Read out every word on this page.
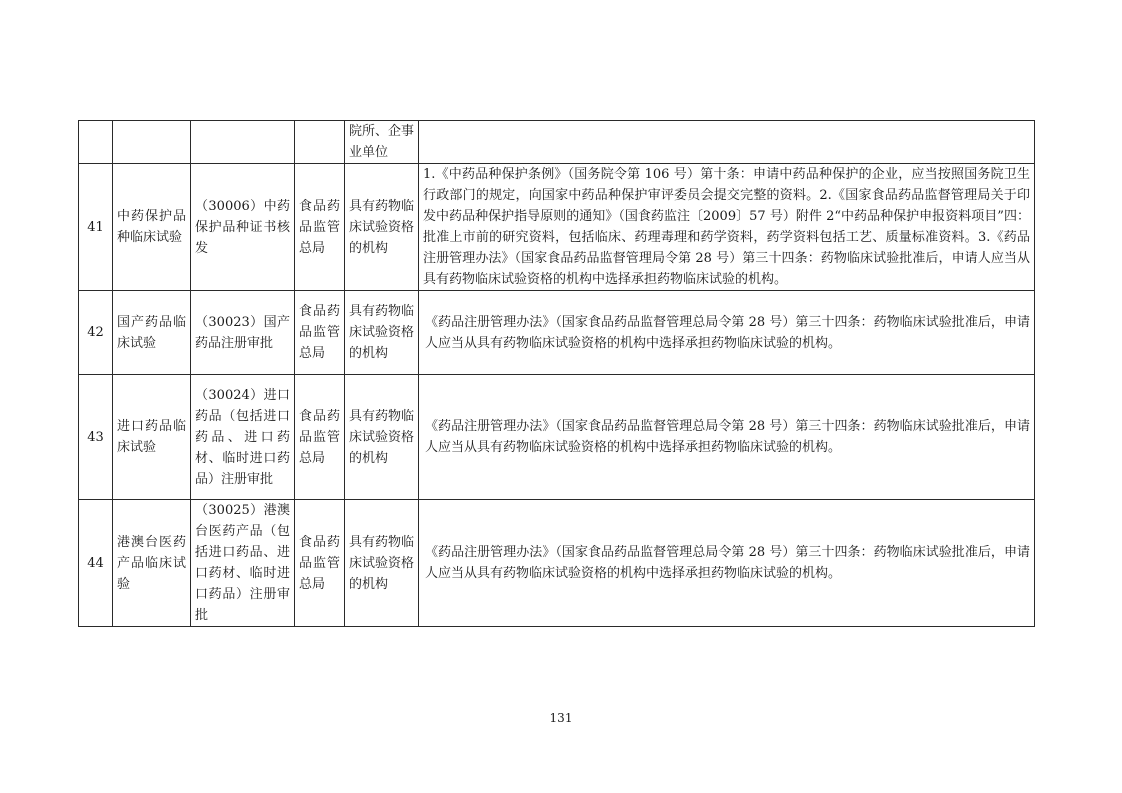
				院所、企事业单位	
41	中药保护品种临床试验	（30006）中药保护品种证书核发	食品药品监管总局	具有药物临床试验资格的机构	1.《中药品种保护条例》（国务院令第 106 号）第十条：申请中药品种保护的企业，应当按照国务院卫生行政部门的规定，向国家中药品种保护审评委员会提交完整的资料。2.《国家食品药品监督管理局关于印发中药品种保护指导原则的通知》（国食药监注〔2009〕57 号）附件 2“中药品种保护申报资料项目”四：批准上市前的研究资料，包括临床、药理毒理和药学资料，药学资料包括工艺、质量标准资料。3.《药品注册管理办法》（国家食品药品监督管理局令第 28 号）第三十四条：药物临床试验批准后，申请人应当从具有药物临床试验资格的机构中选择承担药物临床试验的机构。
42	国产药品临床试验	（30023）国产药品注册审批	食品药品监管总局	具有药物临床试验资格的机构	《药品注册管理办法》（国家食品药品监督管理总局令第 28 号）第三十四条：药物临床试验批准后，申请人应当从具有药物临床试验资格的机构中选择承担药物临床试验的机构。
43	进口药品临床试验	（30024）进口药品（包括进口药品、进口药材、临时进口药品）注册审批	食品药品监管总局	具有药物临床试验资格的机构	《药品注册管理办法》（国家食品药品监督管理总局令第 28 号）第三十四条：药物临床试验批准后，申请人应当从具有药物临床试验资格的机构中选择承担药物临床试验的机构。
44	港澳台医药产品临床试验	（30025）港澳台医药产品（包括进口药品、进口药材、临时进口药品）注册审批	食品药品监管总局	具有药物临床试验资格的机构	《药品注册管理办法》（国家食品药品监督管理总局令第 28 号）第三十四条：药物临床试验批准后，申请人应当从具有药物临床试验资格的机构中选择承担药物临床试验的机构。
131
